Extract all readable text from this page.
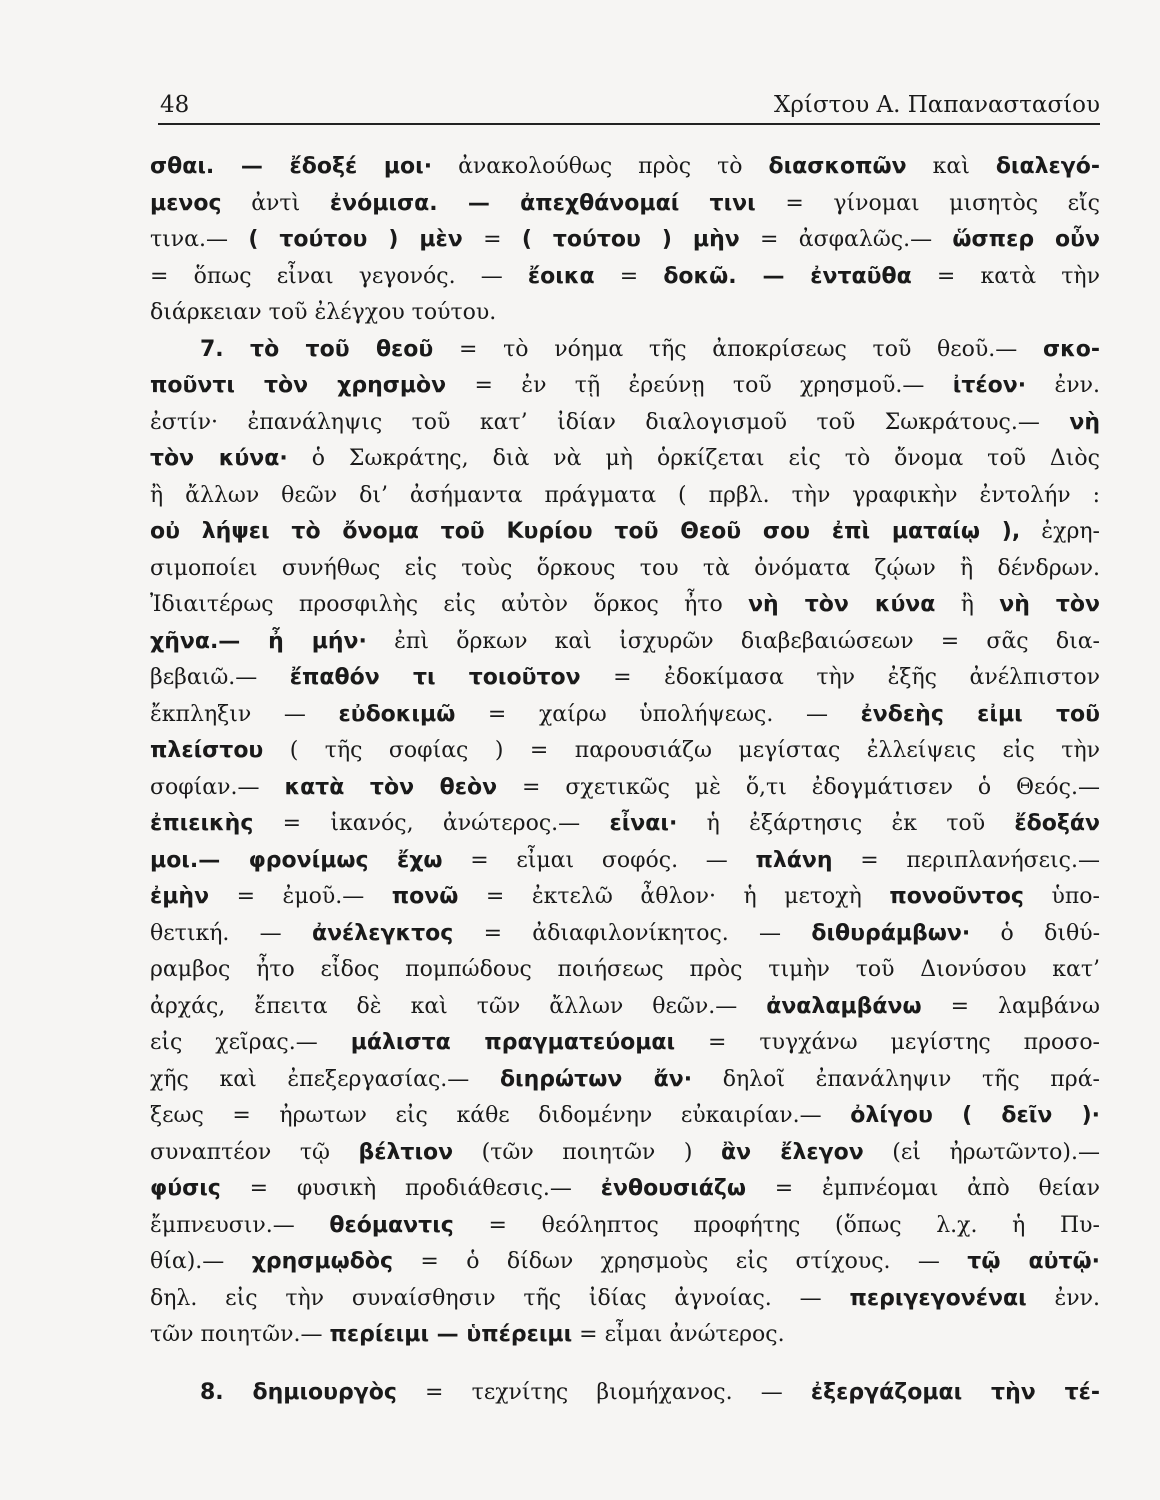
48	Χρίστου Α. Παπαναστασίου
σθαι. — ἔδοξέ μοι· ἀνακολούθως πρὸς τὸ διασκοπῶν καὶ διαλεγό-
μενος ἀντὶ ἐνόμισα. — ἀπεχθάνομαί τινι = γίνομαι μισητὸς εἴς
τινα.— ( τούτου ) μὲν = ( τούτου ) μὴν = ἀσφαλῶς.— ὥσπερ οὖν
= ὅπως εἶναι γεγονός. — ἔοικα = δοκῶ. — ἐνταῦθα = κατὰ τὴν
διάρκειαν τοῦ ἐλέγχου τούτου.
7. τὸ τοῦ θεοῦ = τὸ νόημα τῆς ἀποκρίσεως τοῦ θεοῦ.— σκο-
ποῦντι τὸν χρησμὸν = ἐν τῇ ἐρεύνῃ τοῦ χρησμοῦ.— ἰτέον· ἐνν.
ἐστίν· ἐπανάληψις τοῦ κατ’ ἰδίαν διαλογισμοῦ τοῦ Σωκράτους.— νὴ
τὸν κύνα· ὁ Σωκράτης, διὰ νὰ μὴ ὁρκίζεται εἰς τὸ ὄνομα τοῦ Διὸς
ἢ ἄλλων θεῶν δι’ ἀσήμαντα πράγματα ( πρβλ. τὴν γραφικὴν ἐντολήν :
οὐ λήψει τὸ ὄνομα τοῦ Κυρίου τοῦ Θεοῦ σου ἐπὶ ματαίῳ ), ἐχρη-
σιμοποίει συνήθως εἰς τοὺς ὅρκους του τὰ ὀνόματα ζῴων ἢ δένδρων.
Ἰδιαιτέρως προσφιλὴς εἰς αὐτὸν ὅρκος ἦτο νὴ τὸν κύνα ἢ νὴ τὸν
χῆνα.— ἦ μήν· ἐπὶ ὅρκων καὶ ἰσχυρῶν διαβεβαιώσεων = σᾶς δια-
βεβαιῶ.— ἔπαθόν τι τοιοῦτον = ἐδοκίμασα τὴν ἐξῆς ἀνέλπιστον
ἔκπληξιν — εὐδοκιμῶ = χαίρω ὑπολήψεως. — ἐνδεὴς εἰμι τοῦ
πλείστου ( τῆς σοφίας ) = παρουσιάζω μεγίστας ἐλλείψεις εἰς τὴν
σοφίαν.— κατὰ τὸν θεὸν = σχετικῶς μὲ ὅ,τι ἐδογμάτισεν ὁ Θεός.—
ἐπιεικὴς = ἱκανός, ἀνώτερος.— εἶναι· ἡ ἐξάρτησις ἐκ τοῦ ἔδοξάν
μοι.— φρονίμως ἔχω = εἶμαι σοφός. — πλάνη = περιπλανήσεις.—
ἐμὴν = ἐμοῦ.— πονῶ = ἐκτελῶ ἆθλον· ἡ μετοχὴ πονοῦντος ὑπο-
θετική. — ἀνέλεγκτος = ἀδιαφιλονίκητος. — διθυράμβων· ὁ διθύ-
ραμβος ἦτο εἶδος πομπώδους ποιήσεως πρὸς τιμὴν τοῦ Διονύσου κατ’
ἀρχάς, ἔπειτα δὲ καὶ τῶν ἄλλων θεῶν.— ἀναλαμβάνω = λαμβάνω
εἰς χεῖρας.— μάλιστα πραγματεύομαι = τυγχάνω μεγίστης προσο-
χῆς καὶ ἐπεξεργασίας.— διηρώτων ἄν· δηλοῖ ἐπανάληψιν τῆς πρά-
ξεως = ἠρωτων εἰς κάθε διδομένην εὐκαιρίαν.— ὀλίγου ( δεῖν )·
συναπτέον τῷ βέλτιον (τῶν ποιητῶν ) ἂν ἔλεγον (εἰ ἠρωτῶντο).—
φύσις = φυσικὴ προδιάθεσις.— ἐνθουσιάζω = ἐμπνέομαι ἀπὸ θείαν
ἔμπνευσιν.— θεόμαντις = θεόληπτος προφήτης (ὅπως λ.χ. ἡ Πυ-
θία).— χρησμῳδὸς = ὁ δίδων χρησμοὺς εἰς στίχους. — τῷ αὐτῷ·
δηλ. εἰς τὴν συναίσθησιν τῆς ἰδίας ἀγνοίας. — περιγεγονέναι ἐνν.
τῶν ποιητῶν.— περίειμι — ὑπέρειμι = εἶμαι ἀνώτερος.
8. δημιουργὸς = τεχνίτης βιομήχανος. — ἐξεργάζομαι τὴν τέ-
